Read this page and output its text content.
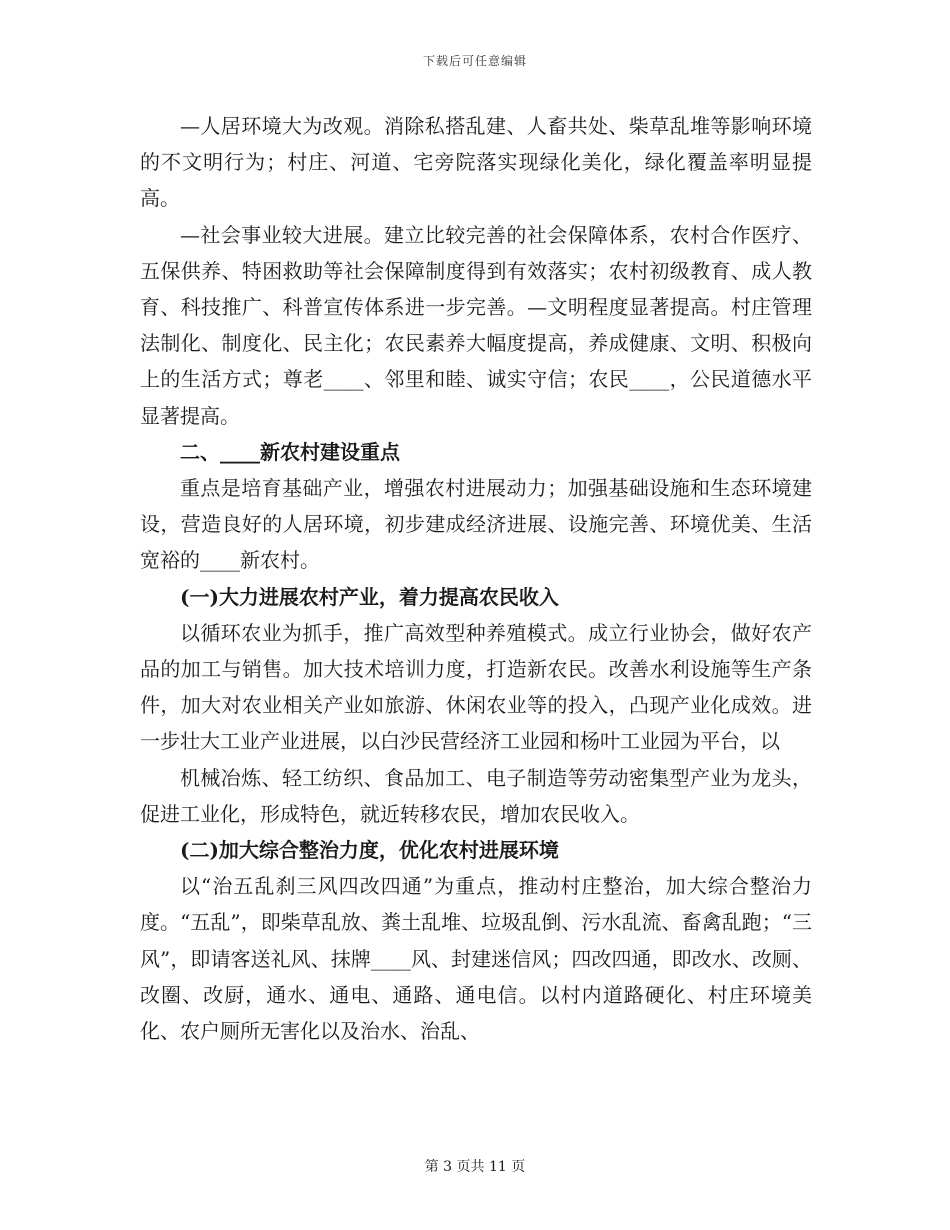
下载后可任意编辑

—人居环境大为改观。消除私搭乱建、人畜共处、柴草乱堆等影响环境的不文明行为；村庄、河道、宅旁院落实现绿化美化，绿化覆盖率明显提高。

—社会事业较大进展。建立比较完善的社会保障体系，农村合作医疗、五保供养、特困救助等社会保障制度得到有效落实；农村初级教育、成人教育、科技推广、科普宣传体系进一步完善。—文明程度显著提高。村庄管理法制化、制度化、民主化；农民素养大幅度提高，养成健康、文明、积极向上的生活方式；尊老____、邻里和睦、诚实守信；农民____，公民道德水平显著提高。

二、____新农村建设重点

重点是培育基础产业，增强农村进展动力；加强基础设施和生态环境建设，营造良好的人居环境，初步建成经济进展、设施完善、环境优美、生活宽裕的____新农村。

(一)大力进展农村产业，着力提高农民收入

以循环农业为抓手，推广高效型种养殖模式。成立行业协会，做好农产品的加工与销售。加大技术培训力度，打造新农民。改善水利设施等生产条件，加大对农业相关产业如旅游、休闲农业等的投入，凸现产业化成效。进一步壮大工业产业进展，以白沙民营经济工业园和杨叶工业园为平台，以

机械冶炼、轻工纺织、食品加工、电子制造等劳动密集型产业为龙头，促进工业化，形成特色，就近转移农民，增加农民收入。

(二)加大综合整治力度，优化农村进展环境

以“治五乱刹三风四改四通”为重点，推动村庄整治，加大综合整治力度。“五乱”，即柴草乱放、粪土乱堆、垃圾乱倒、污水乱流、畜禽乱跑；“三风”，即请客送礼风、抹牌____风、封建迷信风；四改四通，即改水、改厕、改圈、改厨，通水、通电、通路、通电信。以村内道路硬化、村庄环境美化、农户厕所无害化以及治水、治乱、

第 3 页共 11 页
